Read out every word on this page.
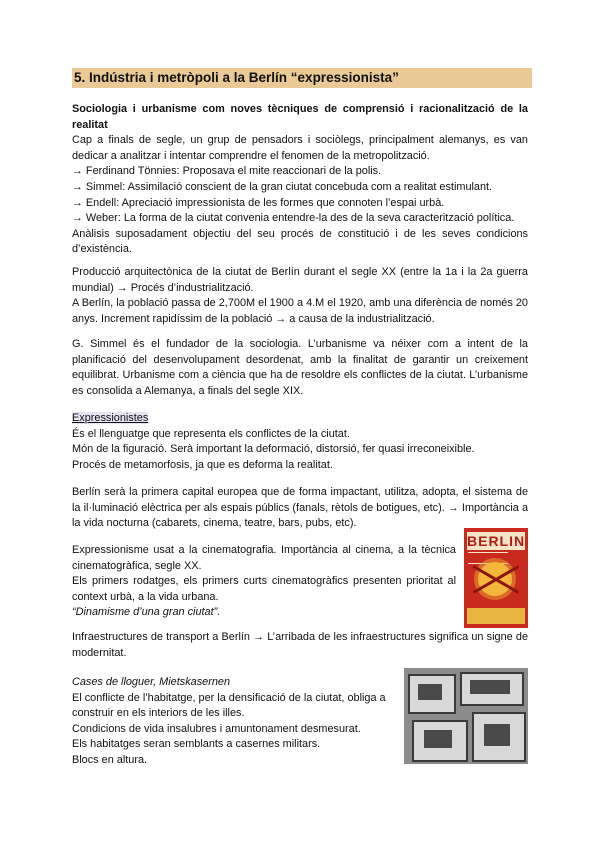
5. Indústria i metròpoli a la Berlín “expressionista”

Sociologia i urbanisme com noves tècniques de comprensió i racionalització de la realitat

Cap a finals de segle, un grup de pensadors i sociòlegs, principalment alemanys, es van dedicar a analitzar i intentar comprendre el fenomen de la metropolització.

→ Ferdinand Tönnies: Proposava el mite reaccionari de la polis.

→ Simmel: Assimilació conscient de la gran ciutat concebuda com a realitat estimulant.

→ Endell: Apreciació impressionista de les formes que connoten l’espai urbà.

→ Weber: La forma de la ciutat convenia entendre-la des de la seva caracterització política.

Anàlisis suposadament objectiu del seu procés de constitució i de les seves condicions d’existència.

Producció arquitectònica de la ciutat de Berlín durant el segle XX (entre la 1a i la 2a guerra mundial) → Procés d’industrialització.

A Berlín, la població passa de 2,700M el 1900 a 4.M el 1920, amb una diferència de només 20 anys. Increment rapidíssim de la població → a causa de la industrialització.

G. Simmel és el fundador de la sociologia. L’urbanisme va néixer com a intent de la planificació del desenvolupament desordenat, amb la finalitat de garantir un creixement equilibrat. Urbanisme com a ciència que ha de resoldre els conflictes de la ciutat. L’urbanisme es consolida a Alemanya, a finals del segle XIX.

Expressionistes

És el llenguatge que representa els conflictes de la ciutat.

Món de la figuració. Serà important la deformació, distorsió, fer quasi irreconeixible.

Procés de metamorfosis, ja que es deforma la realitat.

Berlín serà la primera capital europea que de forma impactant, utilitza, adopta, el sistema de la il·luminació elèctrica per als espais públics (fanals, rètols de botigues, etc). → Importància a la vida nocturna (cabarets, cinema, teatre, bars, pubs, etc).

Expressionisme usat a la cinematografia. Importància al cinema, a la tècnica cinematogràfica, segle XX.

Els primers rodatges, els primers curts cinematogràfics presenten prioritat al context urbà, a la vida urbana.

“Dinamisme d’una gran ciutat”.

BERLIN

Infraestructures de transport a Berlín → L’arribada de les infraestructures significa un signe de modernitat.

Cases de lloguer, Mietskasernen

El conflicte de l’habitatge, per la densificació de la ciutat, obliga a construir en els interiors de les illes.

Condicions de vida insalubres i amuntonament desmesurat.

Els habitatges seran semblants a casernes militars.

Blocs en altura.
